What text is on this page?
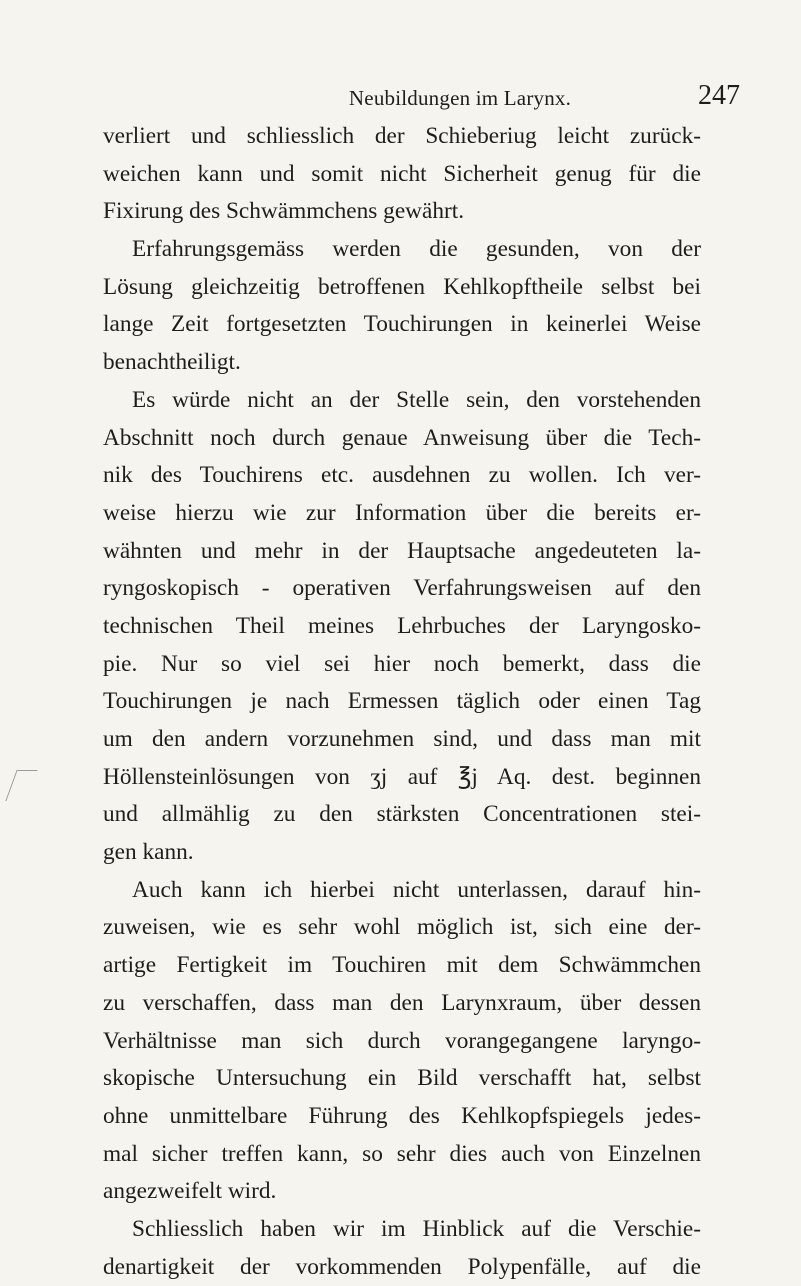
Neubildungen im Larynx.	247
verliert und schliesslich der Schieberiug leicht zurück-
weichen kann und somit nicht Sicherheit genug für die
Fixirung des Schwämmchens gewährt.
Erfahrungsgemäss werden die gesunden, von der
Lösung gleichzeitig betroffenen Kehlkopftheile selbst bei
lange Zeit fortgesetzten Touchirungen in keinerlei Weise
benachtheiligt.
Es würde nicht an der Stelle sein, den vorstehenden
Abschnitt noch durch genaue Anweisung über die Tech-
nik des Touchirens etc. ausdehnen zu wollen. Ich ver-
weise hierzu wie zur Information über die bereits er-
wähnten und mehr in der Hauptsache angedeuteten la-
ryngoskopisch - operativen Verfahrungsweisen auf den
technischen Theil meines Lehrbuches der Laryngosko-
pie. Nur so viel sei hier noch bemerkt, dass die
Touchirungen je nach Ermessen täglich oder einen Tag
um den andern vorzunehmen sind, und dass man mit
Höllensteinlösungen von ʒj auf ℥j Aq. dest. beginnen
und allmählig zu den stärksten Concentrationen stei-
gen kann.
Auch kann ich hierbei nicht unterlassen, darauf hin-
zuweisen, wie es sehr wohl möglich ist, sich eine der-
artige Fertigkeit im Touchiren mit dem Schwämmchen
zu verschaffen, dass man den Larynxraum, über dessen
Verhältnisse man sich durch vorangegangene laryngo-
skopische Untersuchung ein Bild verschafft hat, selbst
ohne unmittelbare Führung des Kehlkopfspiegels jedes-
mal sicher treffen kann, so sehr dies auch von Einzelnen
angezweifelt wird.
Schliesslich haben wir im Hinblick auf die Verschie-
denartigkeit der vorkommenden Polypenfälle, auf die
